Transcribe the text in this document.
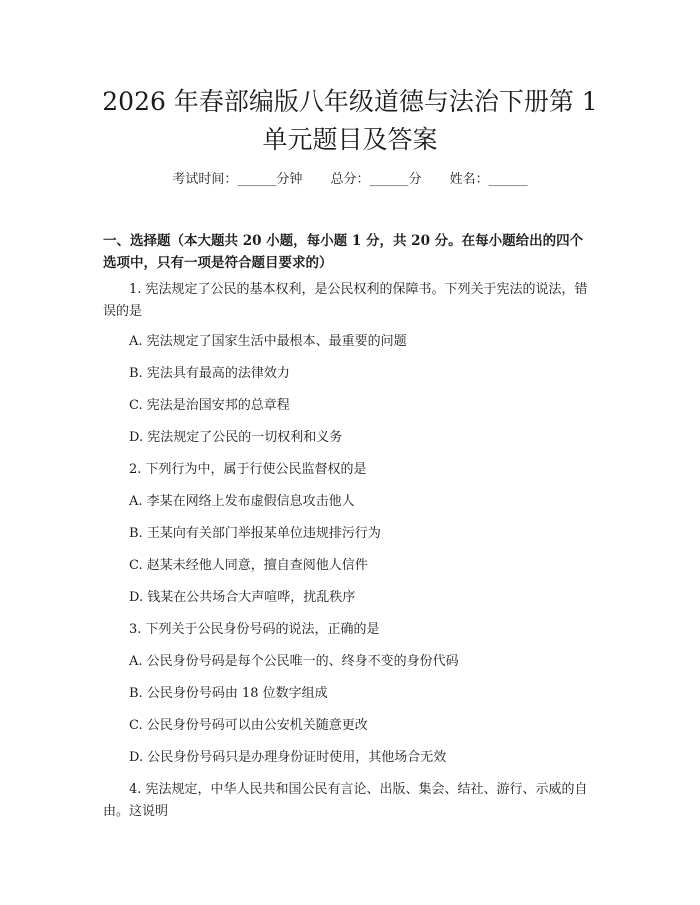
2026 年春部编版八年级道德与法治下册第 1
单元题目及答案
考试时间：______分钟 总分：______分 姓名：______

一、选择题（本大题共 20 小题，每小题 1 分，共 20 分。在每小题给出的四个选项中，只有一项是符合题目要求的）

1. 宪法规定了公民的基本权利，是公民权利的保障书。下列关于宪法的说法，错误的是

A. 宪法规定了国家生活中最根本、最重要的问题

B. 宪法具有最高的法律效力

C. 宪法是治国安邦的总章程

D. 宪法规定了公民的一切权利和义务

2. 下列行为中，属于行使公民监督权的是

A. 李某在网络上发布虚假信息攻击他人

B. 王某向有关部门举报某单位违规排污行为

C. 赵某未经他人同意，擅自查阅他人信件

D. 钱某在公共场合大声喧哗，扰乱秩序

3. 下列关于公民身份号码的说法，正确的是

A. 公民身份号码是每个公民唯一的、终身不变的身份代码

B. 公民身份号码由 18 位数字组成

C. 公民身份号码可以由公安机关随意更改

D. 公民身份号码只是办理身份证时使用，其他场合无效

4. 宪法规定，中华人民共和国公民有言论、出版、集会、结社、游行、示威的自由。这说明
